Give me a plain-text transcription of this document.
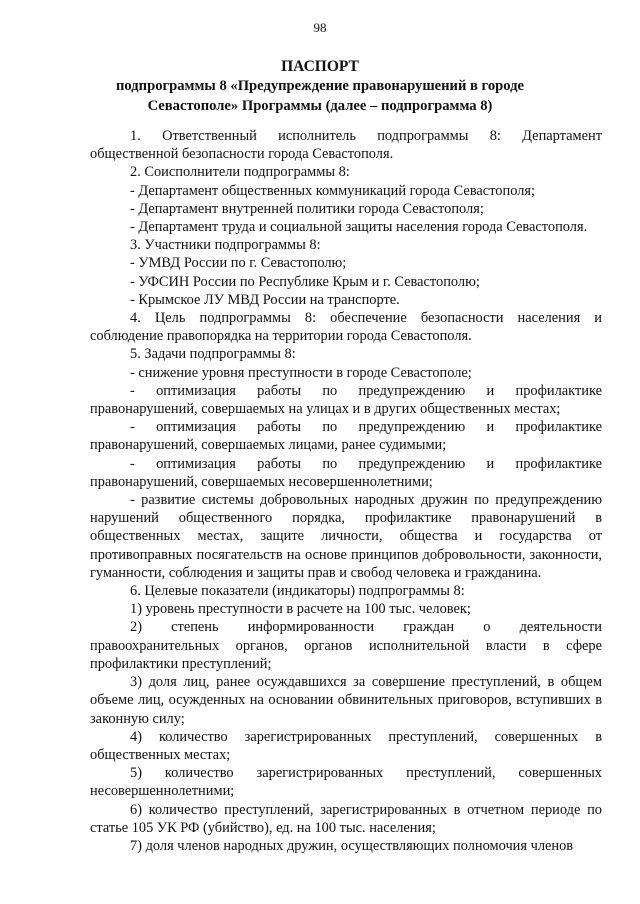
98
ПАСПОРТ
подпрограммы 8 «Предупреждение правонарушений в городе Севастополе» Программы (далее – подпрограмма 8)

1. Ответственный исполнитель подпрограммы 8: Департамент общественной безопасности города Севастополя.

2. Соисполнители подпрограммы 8:

- Департамент общественных коммуникаций города Севастополя;

- Департамент внутренней политики города Севастополя;

- Департамент труда и социальной защиты населения города Севастополя.

3. Участники подпрограммы 8:

- УМВД России по г. Севастополю;

- УФСИН России по Республике Крым и г. Севастополю;

- Крымское ЛУ МВД России на транспорте.

4. Цель подпрограммы 8: обеспечение безопасности населения и соблюдение правопорядка на территории города Севастополя.

5. Задачи подпрограммы 8:

- снижение уровня преступности в городе Севастополе;

- оптимизация работы по предупреждению и профилактике правонарушений, совершаемых на улицах и в других общественных местах;

- оптимизация работы по предупреждению и профилактике правонарушений, совершаемых лицами, ранее судимыми;

- оптимизация работы по предупреждению и профилактике правонарушений, совершаемых несовершеннолетними;

- развитие системы добровольных народных дружин по предупреждению нарушений общественного порядка, профилактике правонарушений в общественных местах, защите личности, общества и государства от противоправных посягательств на основе принципов добровольности, законности, гуманности, соблюдения и защиты прав и свобод человека и гражданина.

6. Целевые показатели (индикаторы) подпрограммы 8:

1) уровень преступности в расчете на 100 тыс. человек;

2) степень информированности граждан о деятельности правоохранительных органов, органов исполнительной власти в сфере профилактики преступлений;

3) доля лиц, ранее осуждавшихся за совершение преступлений, в общем объеме лиц, осужденных на основании обвинительных приговоров, вступивших в законную силу;

4) количество зарегистрированных преступлений, совершенных в общественных местах;

5) количество зарегистрированных преступлений, совершенных несовершеннолетними;

6) количество преступлений, зарегистрированных в отчетном периоде по статье 105 УК РФ (убийство), ед. на 100 тыс. населения;

7) доля членов народных дружин, осуществляющих полномочия членов
